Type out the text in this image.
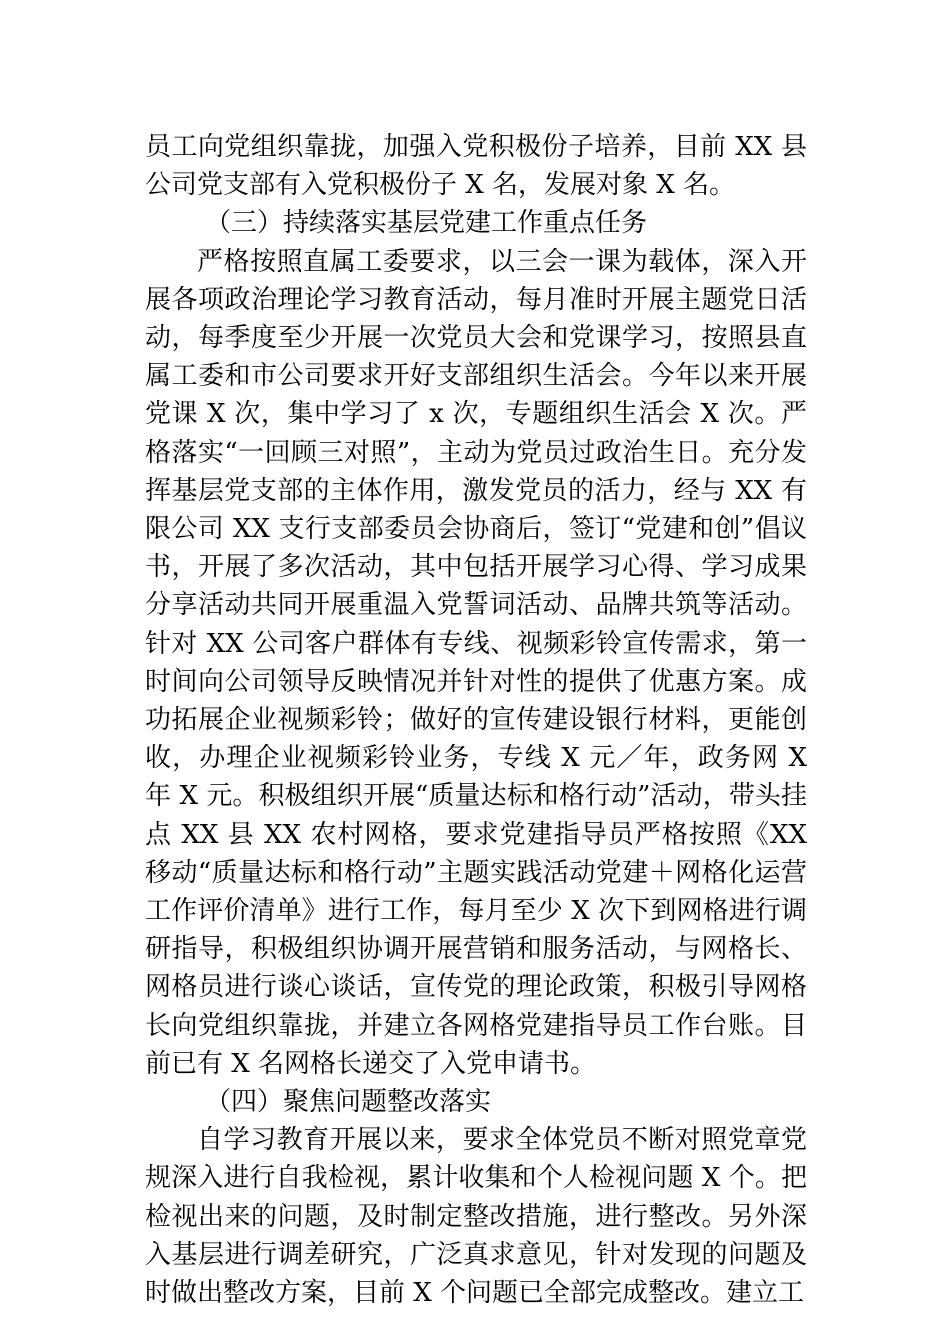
员工向党组织靠拢，加强入党积极份子培养，目前 XX 县公司党支部有入党积极份子 X 名，发展对象 X 名。

（三）持续落实基层党建工作重点任务

严格按照直属工委要求，以三会一课为载体，深入开展各项政治理论学习教育活动，每月准时开展主题党日活动，每季度至少开展一次党员大会和党课学习，按照县直属工委和市公司要求开好支部组织生活会。今年以来开展党课 X 次，集中学习了 x 次，专题组织生活会 X 次。严格落实“一回顾三对照”，主动为党员过政治生日。充分发挥基层党支部的主体作用，激发党员的活力，经与 XX 有限公司 XX 支行支部委员会协商后，签订“党建和创”倡议书，开展了多次活动，其中包括开展学习心得、学习成果分享活动共同开展重温入党誓词活动、品牌共筑等活动。针对 XX 公司客户群体有专线、视频彩铃宣传需求，第一时间向公司领导反映情况并针对性的提供了优惠方案。成功拓展企业视频彩铃；做好的宣传建设银行材料，更能创收，办理企业视频彩铃业务，专线 X 元／年，政务网 X 年 X 元。积极组织开展“质量达标和格行动”活动，带头挂点 XX 县 XX 农村网格，要求党建指导员严格按照《XX 移动“质量达标和格行动”主题实践活动党建＋网格化运营工作评价清单》进行工作，每月至少 X 次下到网格进行调研指导，积极组织协调开展营销和服务活动，与网格长、网格员进行谈心谈话，宣传党的理论政策，积极引导网格长向党组织靠拢，并建立各网格党建指导员工作台账。目前已有 X 名网格长递交了入党申请书。

（四）聚焦问题整改落实

自学习教育开展以来，要求全体党员不断对照党章党规深入进行自我检视，累计收集和个人检视问题 X 个。把检视出来的问题，及时制定整改措施，进行整改。另外深入基层进行调差研究，广泛真求意见，针对发现的问题及时做出整改方案，目前 X 个问题已全部完成整改。建立工
